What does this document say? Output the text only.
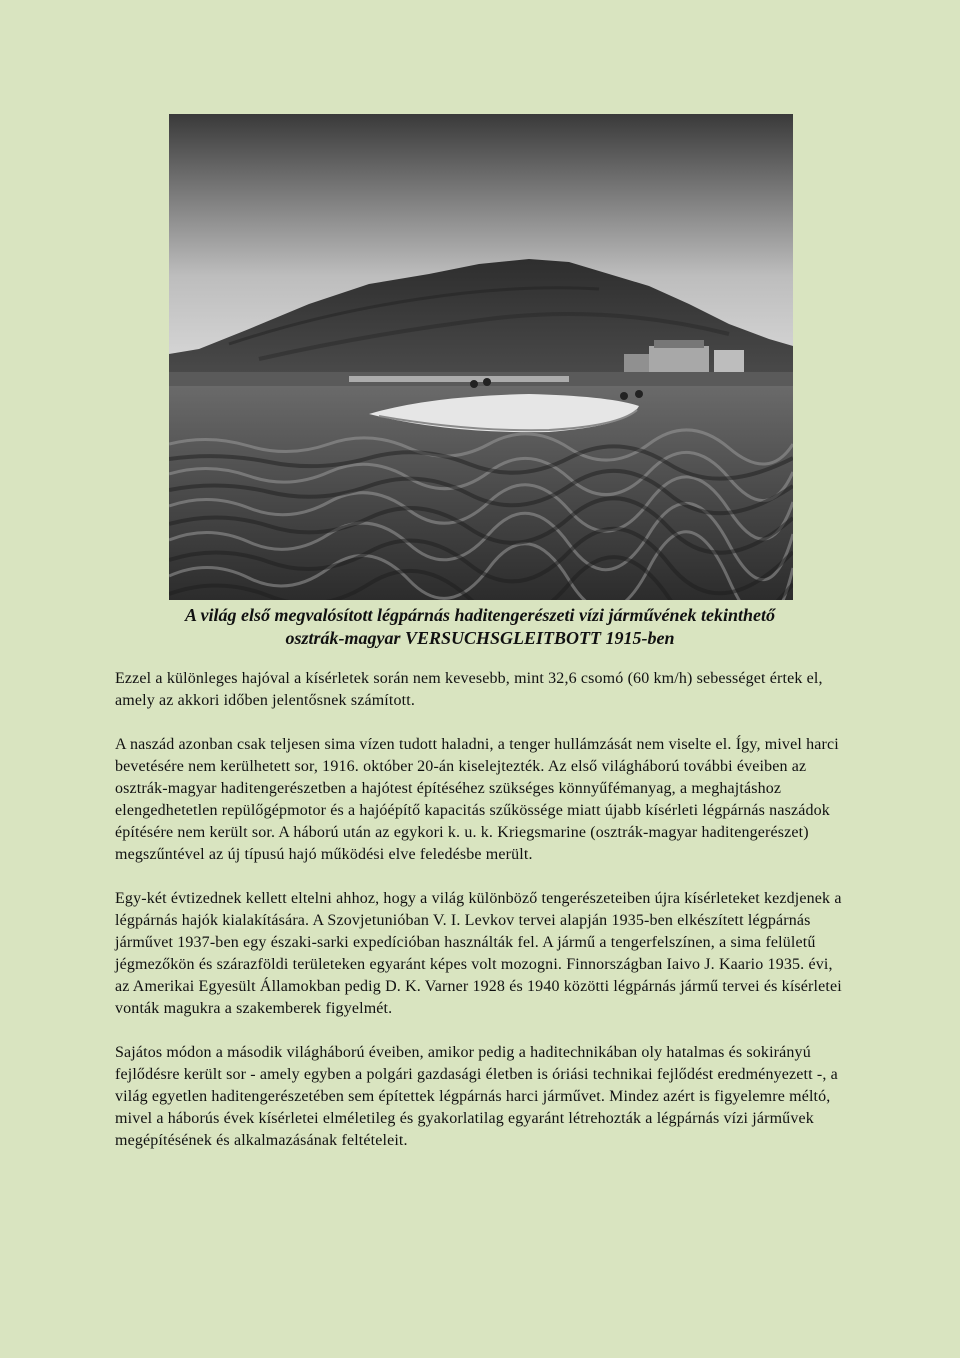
A világ első megvalósított légpárnás haditengerészeti vízi járművének tekinthető
osztrák-magyar VERSUCHSGLEITBOTT 1915-ben

Ezzel a különleges hajóval a kísérletek során nem kevesebb, mint 32,6 csomó (60 km/h) sebességet értek el, amely az akkori időben jelentősnek számított.

A naszád azonban csak teljesen sima vízen tudott haladni, a tenger hullámzását nem viselte el. Így, mivel harci bevetésére nem kerülhetett sor, 1916. október 20-án kiselejtezték. Az első világháború további éveiben az osztrák-magyar haditengerészetben a hajótest építéséhez szükséges könnyűfémanyag, a meghajtáshoz elengedhetetlen repülőgépmotor és a hajóépítő kapacitás szűkössége miatt újabb kísérleti légpárnás naszádok építésére nem került sor. A háború után az egykori k. u. k. Kriegsmarine (osztrák-magyar haditengerészet) megszűntével az új típusú hajó működési elve feledésbe merült.

Egy-két évtizednek kellett eltelni ahhoz, hogy a világ különböző tengerészeteiben újra kísérleteket kezdjenek a légpárnás hajók kialakítására. A Szovjetunióban V. I. Levkov tervei alapján 1935-ben elkészített légpárnás járművet 1937-ben egy északi-sarki expedícióban használták fel. A jármű a tengerfelszínen, a sima felületű jégmezőkön és szárazföldi területeken egyaránt képes volt mozogni. Finnországban Iaivo J. Kaario 1935. évi, az Amerikai Egyesült Államokban pedig D. K. Varner 1928 és 1940 közötti légpárnás jármű tervei és kísérletei vonták magukra a szakemberek figyelmét.

Sajátos módon a második világháború éveiben, amikor pedig a haditechnikában oly hatalmas és sokirányú fejlődésre került sor - amely egyben a polgári gazdasági életben is óriási technikai fejlődést eredményezett -, a világ egyetlen haditengerészetében sem építettek légpárnás harci járművet. Mindez azért is figyelemre méltó, mivel a háborús évek kísérletei elméletileg és gyakorlatilag egyaránt létrehozták a légpárnás vízi járművek megépítésének és alkalmazásának feltételeit.
